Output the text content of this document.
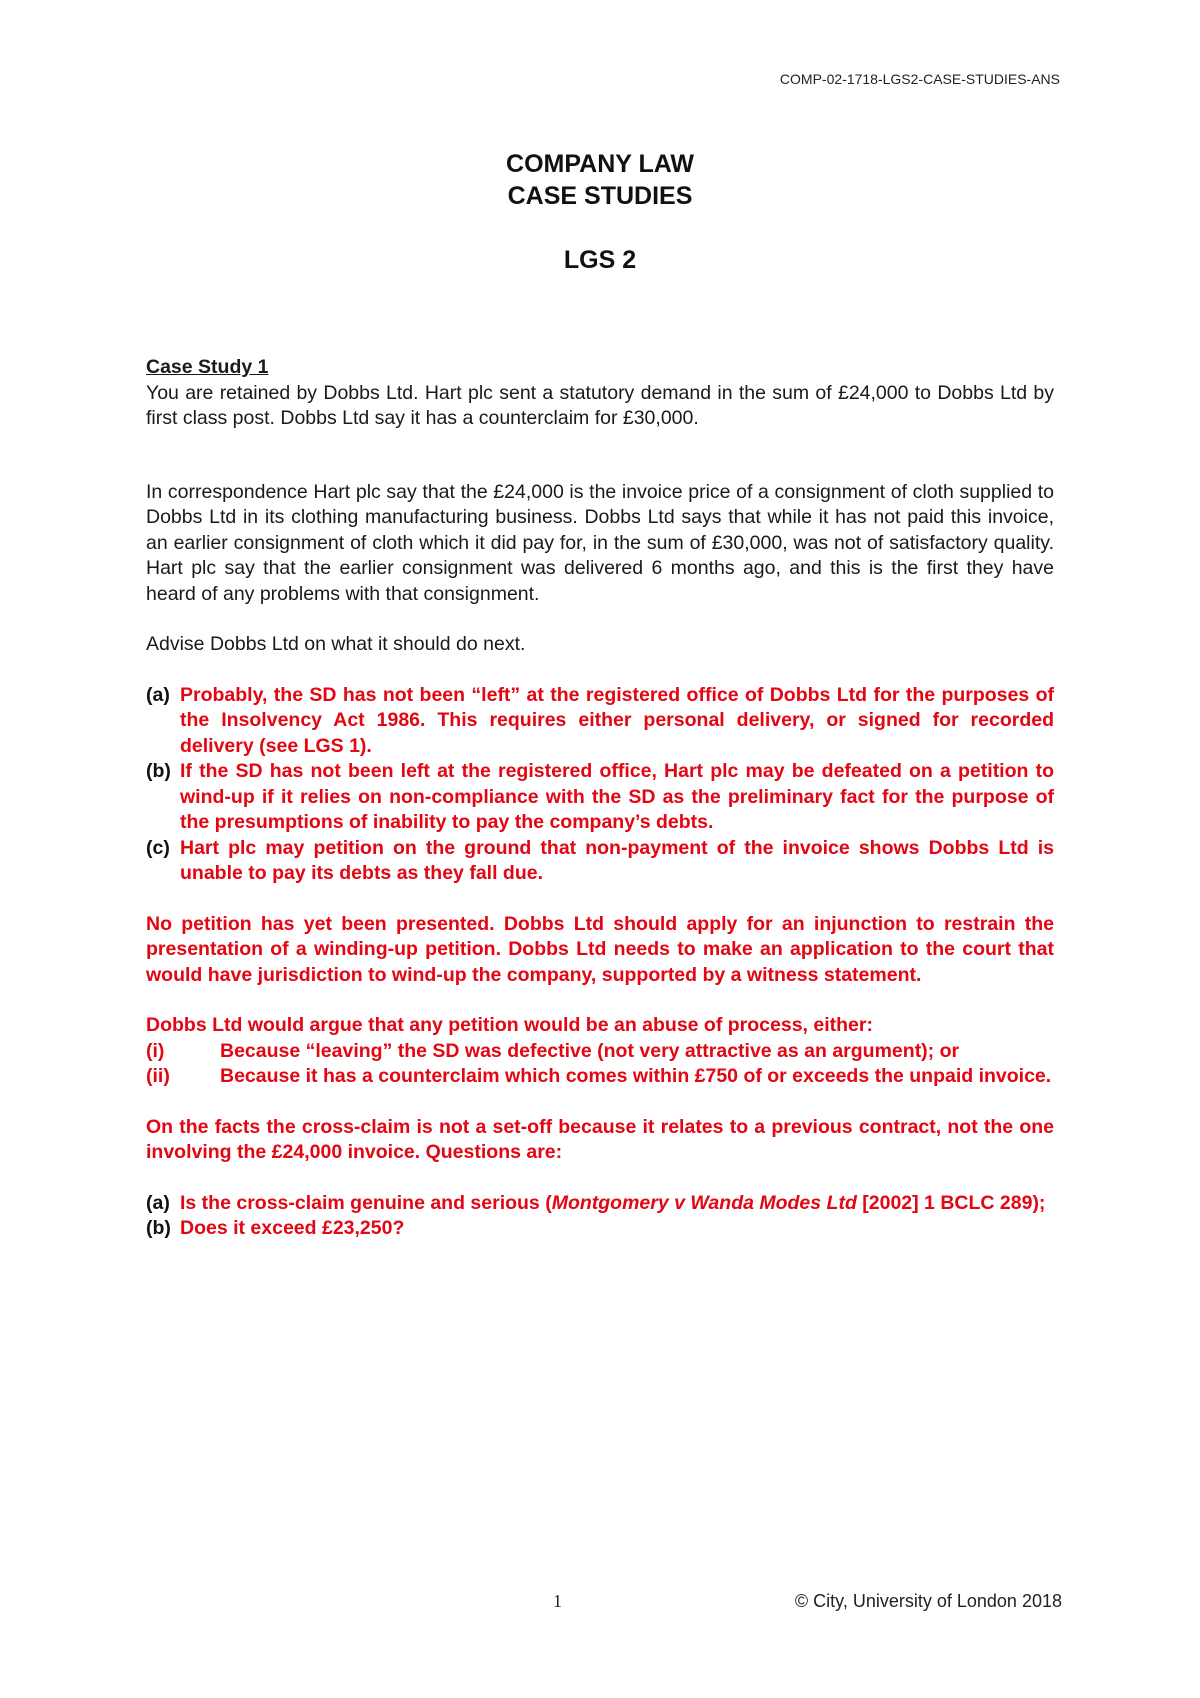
COMP-02-1718-LGS2-CASE-STUDIES-ANS
COMPANY LAW
CASE STUDIES
LGS 2
Case Study 1

You are retained by Dobbs Ltd. Hart plc sent a statutory demand in the sum of £24,000 to Dobbs Ltd by first class post. Dobbs Ltd say it has a counterclaim for £30,000.

In correspondence Hart plc say that the £24,000 is the invoice price of a consignment of cloth supplied to Dobbs Ltd in its clothing manufacturing business. Dobbs Ltd says that while it has not paid this invoice, an earlier consignment of cloth which it did pay for, in the sum of £30,000, was not of satisfactory quality. Hart plc say that the earlier consignment was delivered 6 months ago, and this is the first they have heard of any problems with that consignment.

Advise Dobbs Ltd on what it should do next.

(a) Probably, the SD has not been “left” at the registered office of Dobbs Ltd for the purposes of the Insolvency Act 1986. This requires either personal delivery, or signed for recorded delivery (see LGS 1).
(b) If the SD has not been left at the registered office, Hart plc may be defeated on a petition to wind-up if it relies on non-compliance with the SD as the preliminary fact for the purpose of the presumptions of inability to pay the company’s debts.
(c) Hart plc may petition on the ground that non-payment of the invoice shows Dobbs Ltd is unable to pay its debts as they fall due.

No petition has yet been presented. Dobbs Ltd should apply for an injunction to restrain the presentation of a winding-up petition. Dobbs Ltd needs to make an application to the court that would have jurisdiction to wind-up the company, supported by a witness statement.

Dobbs Ltd would argue that any petition would be an abuse of process, either:

(i)	Because “leaving” the SD was defective (not very attractive as an argument); or
(ii)	Because it has a counterclaim which comes within £750 of or exceeds the unpaid invoice.

On the facts the cross-claim is not a set-off because it relates to a previous contract, not the one involving the £24,000 invoice. Questions are:

(a) Is the cross-claim genuine and serious (Montgomery v Wanda Modes Ltd [2002] 1 BCLC 289);
(b) Does it exceed £23,250?
1	© City, University of London 2018
